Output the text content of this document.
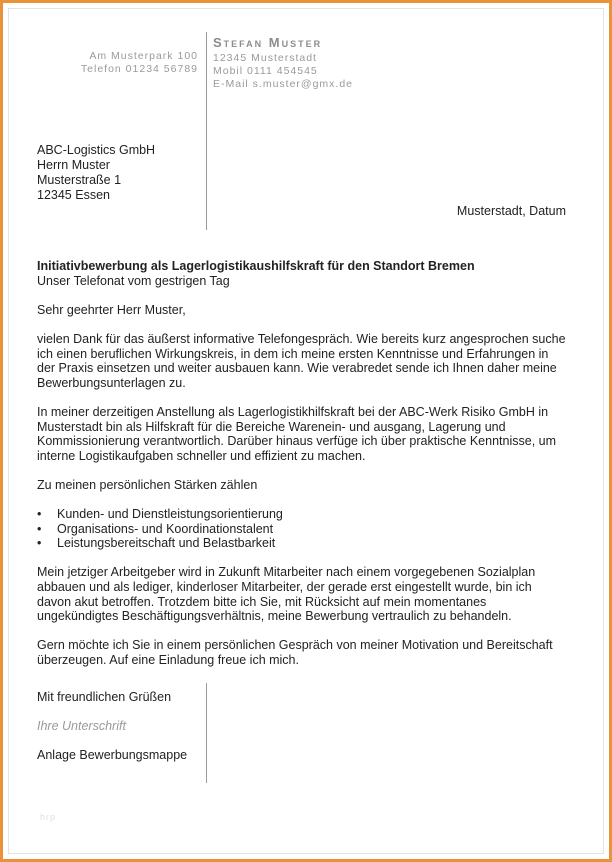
Am Musterpark 100
Telefon 01234 56789
Stefan Muster
12345 Musterstadt
Mobil 0111 454545
E-Mail s.muster@gmx.de
ABC-Logistics GmbH
Herrn Muster
Musterstraße 1
12345 Essen
Musterstadt, Datum

Initiativbewerbung als Lagerlogistikaushilfskraft für den Standort Bremen

Unser Telefonat vom gestrigen Tag

Sehr geehrter Herr Muster,

vielen Dank für das äußerst informative Telefongespräch. Wie bereits kurz angesprochen suche ich einen beruflichen Wirkungskreis, in dem ich meine ersten Kenntnisse und Erfahrungen in der Praxis einsetzen und weiter ausbauen kann. Wie verabredet sende ich Ihnen daher meine Bewerbungsunterlagen zu.

In meiner derzeitigen Anstellung als Lagerlogistikhilfskraft bei der ABC-Werk Risiko GmbH in Musterstadt bin als Hilfskraft für die Bereiche Warenein- und ausgang, Lagerung und Kommissionierung verantwortlich. Darüber hinaus verfüge ich über praktische Kenntnisse, um interne Logistikaufgaben schneller und effizient zu machen.

Zu meinen persönlichen Stärken zählen

• Kunden- und Dienstleistungsorientierung
• Organisations- und Koordinationstalent
• Leistungsbereitschaft und Belastbarkeit

Mein jetziger Arbeitgeber wird in Zukunft Mitarbeiter nach einem vorgegebenen Sozialplan abbauen und als lediger, kinderloser Mitarbeiter, der gerade erst eingestellt wurde, bin ich davon akut betroffen. Trotzdem bitte ich Sie, mit Rücksicht auf mein momentanes ungekündigtes Beschäftigungsverhältnis, meine Bewerbung vertraulich zu behandeln.

Gern möchte ich Sie in einem persönlichen Gespräch von meiner Motivation und Bereitschaft überzeugen. Auf eine Einladung freue ich mich.

Mit freundlichen Grüßen

Ihre Unterschrift

Anlage Bewerbungsmappe

hrp
